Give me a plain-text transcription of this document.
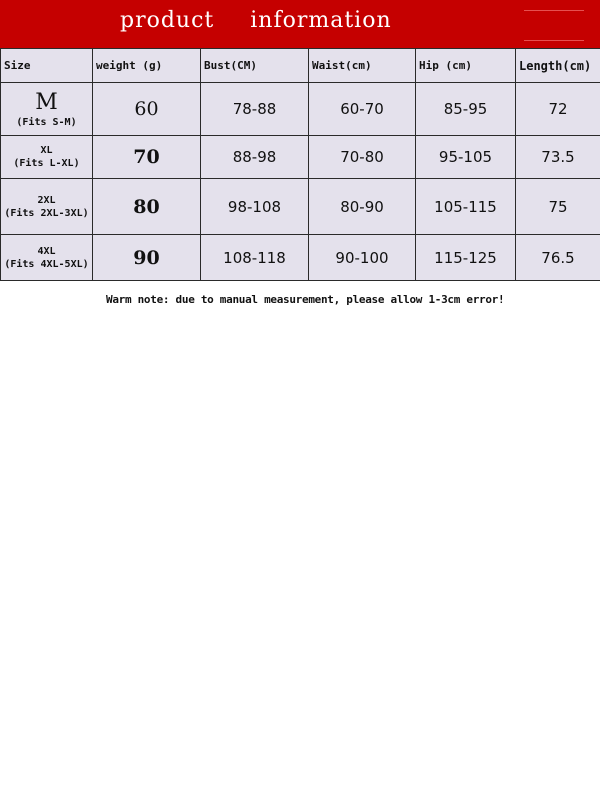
product information
Size	weight (g)	Bust(CM)	Waist(cm)	Hip (cm)	Length(cm)

M
(Fits S-M)	60	78-88	60-70	85-95	72

XL
(Fits L-XL)	70	88-98	70-80	95-105	73.5

2XL
(Fits 2XL-3XL)	80	98-108	80-90	105-115	75

4XL
(Fits 4XL-5XL)	90	108-118	90-100	115-125	76.5
Warm note: due to manual measurement, please allow 1-3cm error!
